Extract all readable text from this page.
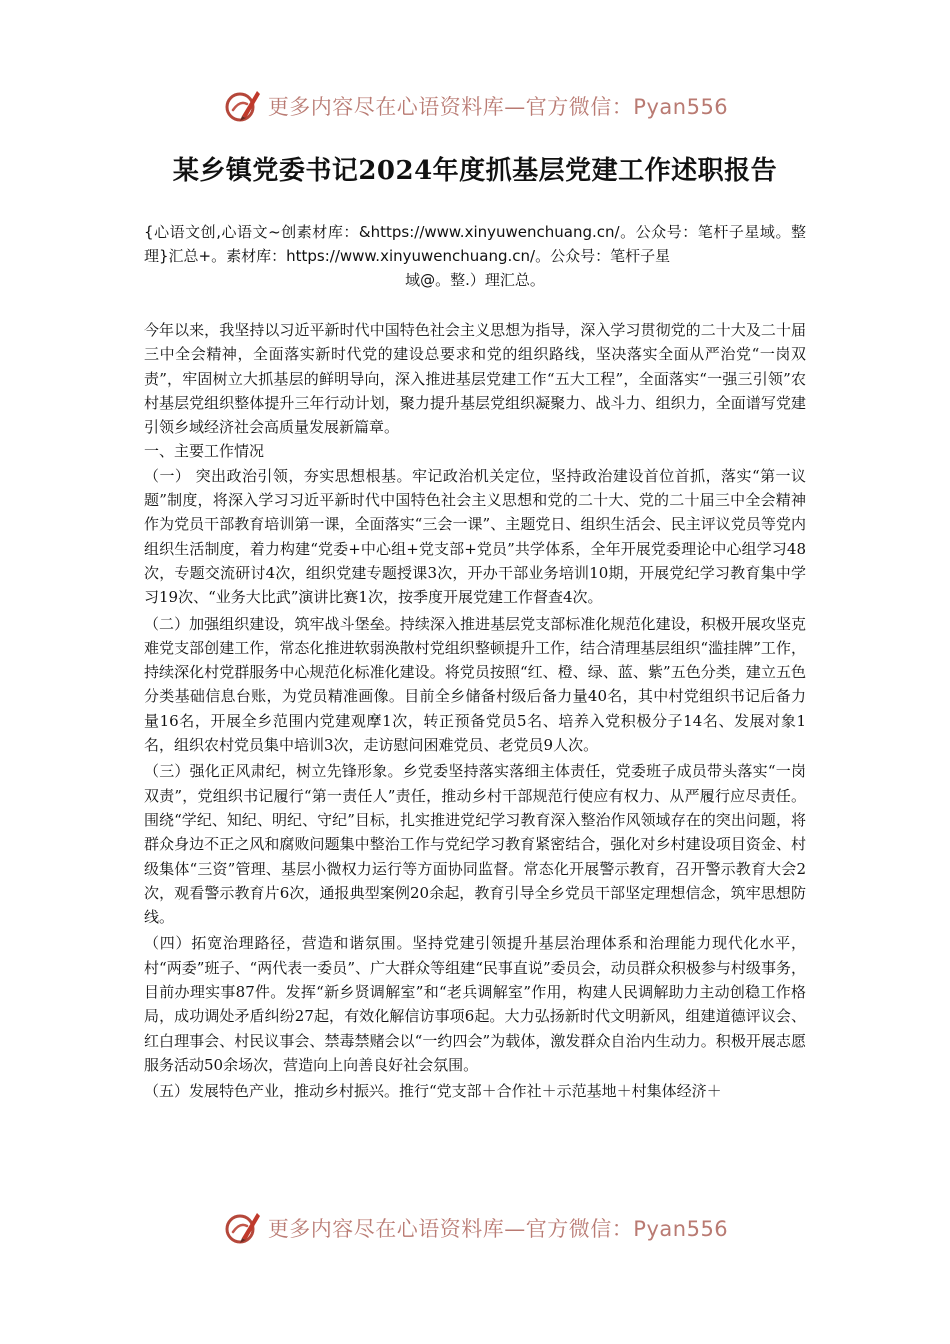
更多内容尽在心语资料库—官方微信：Pyan556
某乡镇党委书记2024年度抓基层党建工作述职报告
{心语文创,心语文~创素材库：&https://www.xinyuwenchuang.cn/。公众号：笔杆子星域。整理}汇总+。素材库：https://www.xinyuwenchuang.cn/。公众号：笔杆子星
域@。整.）理汇总。

今年以来，我坚持以习近平新时代中国特色社会主义思想为指导，深入学习贯彻党的二十大及二十届三中全会精神，全面落实新时代党的建设总要求和党的组织路线，坚决落实全面从严治党“一岗双责”，牢固树立大抓基层的鲜明导向，深入推进基层党建工作“五大工程”，全面落实“一强三引领”农村基层党组织整体提升三年行动计划，聚力提升基层党组织凝聚力、战斗力、组织力，全面谱写党建引领乡域经济社会高质量发展新篇章。

一、主要工作情况

（一） 突出政治引领，夯实思想根基。牢记政治机关定位，坚持政治建设首位首抓，落实“第一议题”制度，将深入学习习近平新时代中国特色社会主义思想和党的二十大、党的二十届三中全会精神作为党员干部教育培训第一课，全面落实“三会一课”、主题党日、组织生活会、民主评议党员等党内组织生活制度，着力构建“党委+中心组+党支部+党员”共学体系，全年开展党委理论中心组学习48次，专题交流研讨4次，组织党建专题授课3次，开办干部业务培训10期，开展党纪学习教育集中学习19次、“业务大比武”演讲比赛1次，按季度开展党建工作督查4次。

（二）加强组织建设，筑牢战斗堡垒。持续深入推进基层党支部标准化规范化建设，积极开展攻坚克难党支部创建工作，常态化推进软弱涣散村党组织整顿提升工作，结合清理基层组织“滥挂牌”工作，持续深化村党群服务中心规范化标准化建设。将党员按照“红、橙、绿、蓝、紫”五色分类，建立五色分类基础信息台账，为党员精准画像。目前全乡储备村级后备力量40名，其中村党组织书记后备力量16名，开展全乡范围内党建观摩1次，转正预备党员5名、培养入党积极分子14名、发展对象1名，组织农村党员集中培训3次，走访慰问困难党员、老党员9人次。

（三）强化正风肃纪，树立先锋形象。乡党委坚持落实落细主体责任，党委班子成员带头落实“一岗双责”，党组织书记履行“第一责任人”责任，推动乡村干部规范行使应有权力、从严履行应尽责任。围绕“学纪、知纪、明纪、守纪”目标，扎实推进党纪学习教育深入整治作风领域存在的突出问题，将群众身边不正之风和腐败问题集中整治工作与党纪学习教育紧密结合，强化对乡村建设项目资金、村级集体“三资”管理、基层小微权力运行等方面协同监督。常态化开展警示教育，召开警示教育大会2次，观看警示教育片6次，通报典型案例20余起，教育引导全乡党员干部坚定理想信念，筑牢思想防线。

（四）拓宽治理路径，营造和谐氛围。坚持党建引领提升基层治理体系和治理能力现代化水平，村“两委”班子、“两代表一委员”、广大群众等组建“民事直说”委员会，动员群众积极参与村级事务，目前办理实事87件。发挥“新乡贤调解室”和“老兵调解室”作用，构建人民调解助力主动创稳工作格局，成功调处矛盾纠纷27起，有效化解信访事项6起。大力弘扬新时代文明新风，组建道德评议会、红白理事会、村民议事会、禁毒禁赌会以“一约四会”为载体，激发群众自治内生动力。积极开展志愿服务活动50余场次，营造向上向善良好社会氛围。

（五）发展特色产业，推动乡村振兴。推行“党支部＋合作社＋示范基地＋村集体经济＋

更多内容尽在心语资料库—官方微信：Pyan556
